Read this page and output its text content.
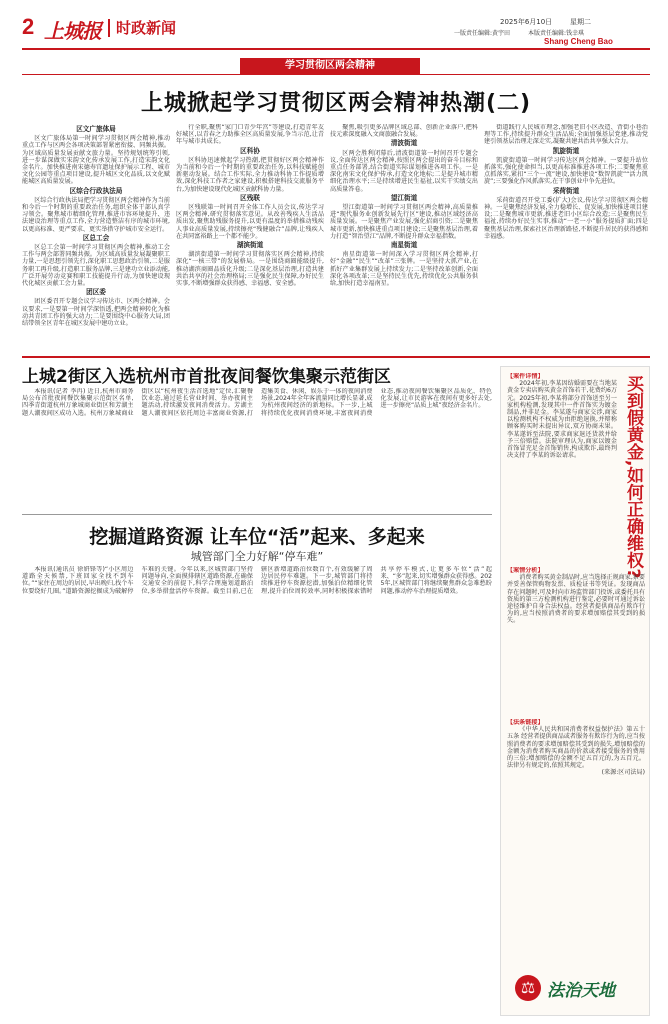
2 上城报 时政新闻	2025年6月10日	星期二
一版责任编辑:黄宇田	本版责任编辑:钱幸琪
Shang Cheng Bao
学习贯彻区两会精神
上城掀起学习贯彻区两会精神热潮(二)
区文广旅体局

区文广旅体局第一时间学习贯彻区两会精神,推动重点工作与区两会各项决策部署紧密衔接、同频共振。为区域高质量发展贡献文旅力量。坚持规划统筹引领,进一步谋深做实宋韵文化传承发展工作,打造宋韵文化金名片。加快推进南宋德寿宫遗址保护展示工程、城市文化公园等重点项目建设,提升城区文化品质,以文化赋能城区高质量发展。

区综合行政执法局

区综合行政执法局把学习贯彻区两会精神作为当前和今后一个时期的重要政治任务,组织全体干部认真学习领会。聚焦城市精细化管理,推进市容环境提升、违法建设治理等重点工作,全力营造整洁有序的城市环境,以更高标准、更严要求、更实举措守护城市安全运行。

区总工会

区总工会第一时间学习贯彻区两会精神,推动工会工作与两会部署同频共振。为区域高质量发展凝聚职工力量,一是思想引领先行,深化职工思想政治引领,二是服务职工再升级,打造职工服务品牌,三是建功立业添动能,广泛开展劳动竞赛和职工技能提升行动,为加快建设现代化城区贡献工会力量。

团区委

团区委召开专题会议学习传达市、区两会精神。会议要求,一是要第一时间学深悟透,把两会精神转化为推动共青团工作的强大动力;二是要围绕中心服务大局,团结带领全区青年在城区发展中建功立业。

行全职,聚焦“家门口青少年宫”等建设,打造青年友好城区,以青春之力助推全区高质量发展,争当示范,让青年与城市共成长。

区科协

区科协迅速掀起学习热潮,把贯彻好区两会精神作为当前和今后一个时期的重要政治任务,以科技赋能创新驱动发展。结合工作实际,全力推动科协工作提质增效,深化科技工作者之家建设,积极搭建科技交流服务平台,为加快建设现代化城区贡献科协力量。

区残联

区残联第一时间召开全体工作人员会议,传达学习区两会精神,研究贯彻落实意见。从改善残疾人生活品质出发,聚焦助残服务提升,以更有温度的举措推动残疾人事业高质量发展,持续擦亮“残健融合”品牌,让残疾人在共同富裕路上一个都不能少。

湖滨街道

湖滨街道第一时间学习贯彻落实区两会精神,持续深化“一核三带”的发展格局。一是围绕商圈能级提升,推动湖滨商圈品质化升级;二是深化基层治理,打造共建共治共享的社会治理格局;三是强化民生保障,办好民生实事,不断增强群众获得感、幸福感、安全感。

聚焦,吸引更多品牌区域总部、创新企业落户,把科技元素深度融入文商旅融合发展。

清波街道

区两会胜利闭幕后,清波街道第一时间召开专题会议,全面传达区两会精神,按照区两会提出的奋斗目标和重点任务部署,结合街道实际谋划推进各项工作。一是深化南宋文化保护传承,打造文化地标;二是提升城市精细化治理水平;三是持续增进民生福祉,以实干实绩交出高质量答卷。

望江街道

望江街道第一时间学习贯彻区两会精神,高质量推进“现代服务业创新发展先行区”建设,推动区域经济高质量发展。一是聚焦产业发展,强化招商引资;二是聚焦城市更新,加快推进重点项目建设;三是聚焦基层治理,着力打造“智治望江”品牌,不断提升群众幸福指数。

南星街道

南星街道第一时间深入学习贯彻区两会精神,打好“金融”“民生”“改革”三张牌。一是坚持大抓产业,在抓好产业集群发展上持续发力;二是坚持改革创新,全面深化各项改革;三是坚持民生优先,持续优化公共服务供给,加快打造幸福南星。

街道践行人民城市理念,加强老旧小区改造、背街小巷治理等工作,持续提升群众生活品质;全面加强基层党建,推动党建引领基层治理走深走实,凝聚共建共治共享强大合力。

凯旋街道

凯旋街道第一时间学习传达区两会精神。一要提升站位抓落实,强化使命担当,以更高标准推进各项工作;二要聚焦重点抓落实,紧扣“三个一流”建设,加快建设“数智凯旋”“活力凯旋”;三要强化作风抓落实,在干事创业中争先进位。

采荷街道

采荷街道召开党工委(扩大)会议,传达学习贯彻区两会精神。一是聚焦经济发展,全力稳增长、促发展,加快推进项目建设;二是聚焦城市更新,推进老旧小区综合改造;三是聚焦民生福祉,持续办好民生实事,推动“一老一小”服务提质扩面;四是聚焦基层治理,探索社区治理新路径,不断提升居民的获得感和幸福感。

上城2街区入选杭州市首批夜间餐饮集聚示范街区
本报讯(记者 李冉) 近日,杭州市商务局公布首批夜间餐饮集聚示范街区名单,四季青街道杭州万象城商业街区和芳湖主题人潮夜间区成功入选。杭州万象城商业街区以“杭州夜生活首选地”定位,汇聚餐饮业态,通过延长营业时间、举办夜间主题活动,持续激发夜间消费活力。芳湖主题人潮夜间区依托周边丰富商业资源,打造集美食、休闲、娱乐于一体的夜间消费场景,2024年全年客流量同比增长显著,成为杭州夜间经济的新地标。下一步,上城将持续优化夜间消费环境,丰富夜间消费业态,推动夜间餐饮集聚区品质化、特色化发展,让市民游客在夜间有更多好去处,进一步擦亮“品质上城”夜经济金名片。
挖掘道路资源 让车位“活”起来、多起来
城管部门全力好解“停车难”
本报讯(通讯员 徐妍锋等)“小区周边道路全天候禁,下班回家全找不到车位。”“家住在周边的居民,早出晚归,找个车位要绕好几圈。”道路资源挖掘成为破解停车难的关键。今年以来,区城管部门坚持问题导向,全面摸排辖区道路资源,在确保交通安全的前提下,科学合理施划道路泊位,多举措盘活停车资源。截至目前,已在辖区新增道路泊位数百个,有效缓解了周边居民停车难题。下一步,城管部门将持续推进停车资源挖潜,加强泊位精细化管理,提升泊位周转效率,同时积极探索错时共享停车模式,让更多车位“活”起来、“多”起来,切实增强群众获得感。2025年,区城管部门将继续聚焦群众急难愁盼问题,推动停车治理提质增效。
买到假黄金,如何正确维权?
【案件详情】
2024年初,李某因结婚需要在当地某黄金专卖店购买黄金首饰若干,花费约6万元。2025年初,李某将部分首饰送至另一家机构检测,发现其中一件首饰实为镀金制品,并非足金。李某遂与商家交涉,商家以检测机构不权威为由拒绝退换,并辩称顾客购买时未提出异议,双方协商未果。李某遂诉至法院,要求商家退还货款并给予三倍赔偿。法院审理认为,商家以镀金首饰冒充足金首饰销售,构成欺诈,最终判决支持了李某的诉讼请求。
【案情分析】
消费者购买黄金制品时,应当选择正规商家,索要并妥善保管购物发票、质检证书等凭证。发现商品存在问题时,可及时向市场监管部门投诉,或委托具有资质的第三方检测机构进行鉴定,必要时可通过诉讼途径维护自身合法权益。经营者提供商品有欺诈行为的,应当按照消费者的要求增加赔偿其受到的损失。
【法条链接】
《中华人民共和国消费者权益保护法》第五十五条 经营者提供商品或者服务有欺诈行为的,应当按照消费者的要求增加赔偿其受到的损失,增加赔偿的金额为消费者购买商品的价款或者接受服务的费用的三倍;增加赔偿的金额不足五百元的,为五百元。法律另有规定的,依照其规定。
(来源:区司法局)
⚖ 法治天地
